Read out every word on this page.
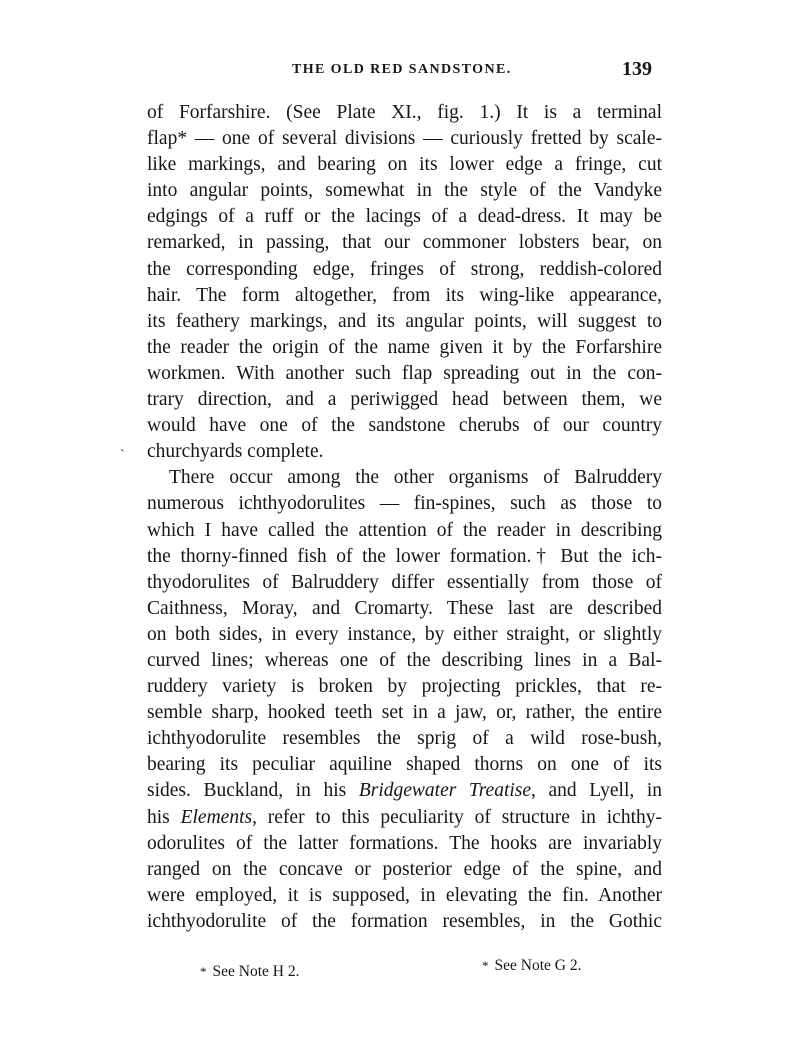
THE OLD RED SANDSTONE.	139
`
of Forfarshire. (See Plate XI., fig. 1.) It is a terminal
flap* — one of several divisions — curiously fretted by scale-
like markings, and bearing on its lower edge a fringe, cut
into angular points, somewhat in the style of the Vandyke
edgings of a ruff or the lacings of a dead-dress. It may be
remarked, in passing, that our commoner lobsters bear, on
the corresponding edge, fringes of strong, reddish-colored
hair. The form altogether, from its wing-like appearance,
its feathery markings, and its angular points, will suggest to
the reader the origin of the name given it by the Forfarshire
workmen. With another such flap spreading out in the con-
trary direction, and a periwigged head between them, we
would have one of the sandstone cherubs of our country
churchyards complete.
There occur among the other organisms of Balruddery
numerous ichthyodorulites — fin-spines, such as those to
which I have called the attention of the reader in describing
the thorny-finned fish of the lower formation.† But the ich-
thyodorulites of Balruddery differ essentially from those of
Caithness, Moray, and Cromarty. These last are described
on both sides, in every instance, by either straight, or slightly
curved lines; whereas one of the describing lines in a Bal-
ruddery variety is broken by projecting prickles, that re-
semble sharp, hooked teeth set in a jaw, or, rather, the entire
ichthyodorulite resembles the sprig of a wild rose-bush,
bearing its peculiar aquiline shaped thorns on one of its
sides. Buckland, in his Bridgewater Treatise, and Lyell, in
his Elements, refer to this peculiarity of structure in ichthy-
odorulites of the latter formations. The hooks are invariably
ranged on the concave or posterior edge of the spine, and
were employed, it is supposed, in elevating the fin. Another
ichthyodorulite of the formation resembles, in the Gothic
* See Note H 2.	* See Note G 2.
